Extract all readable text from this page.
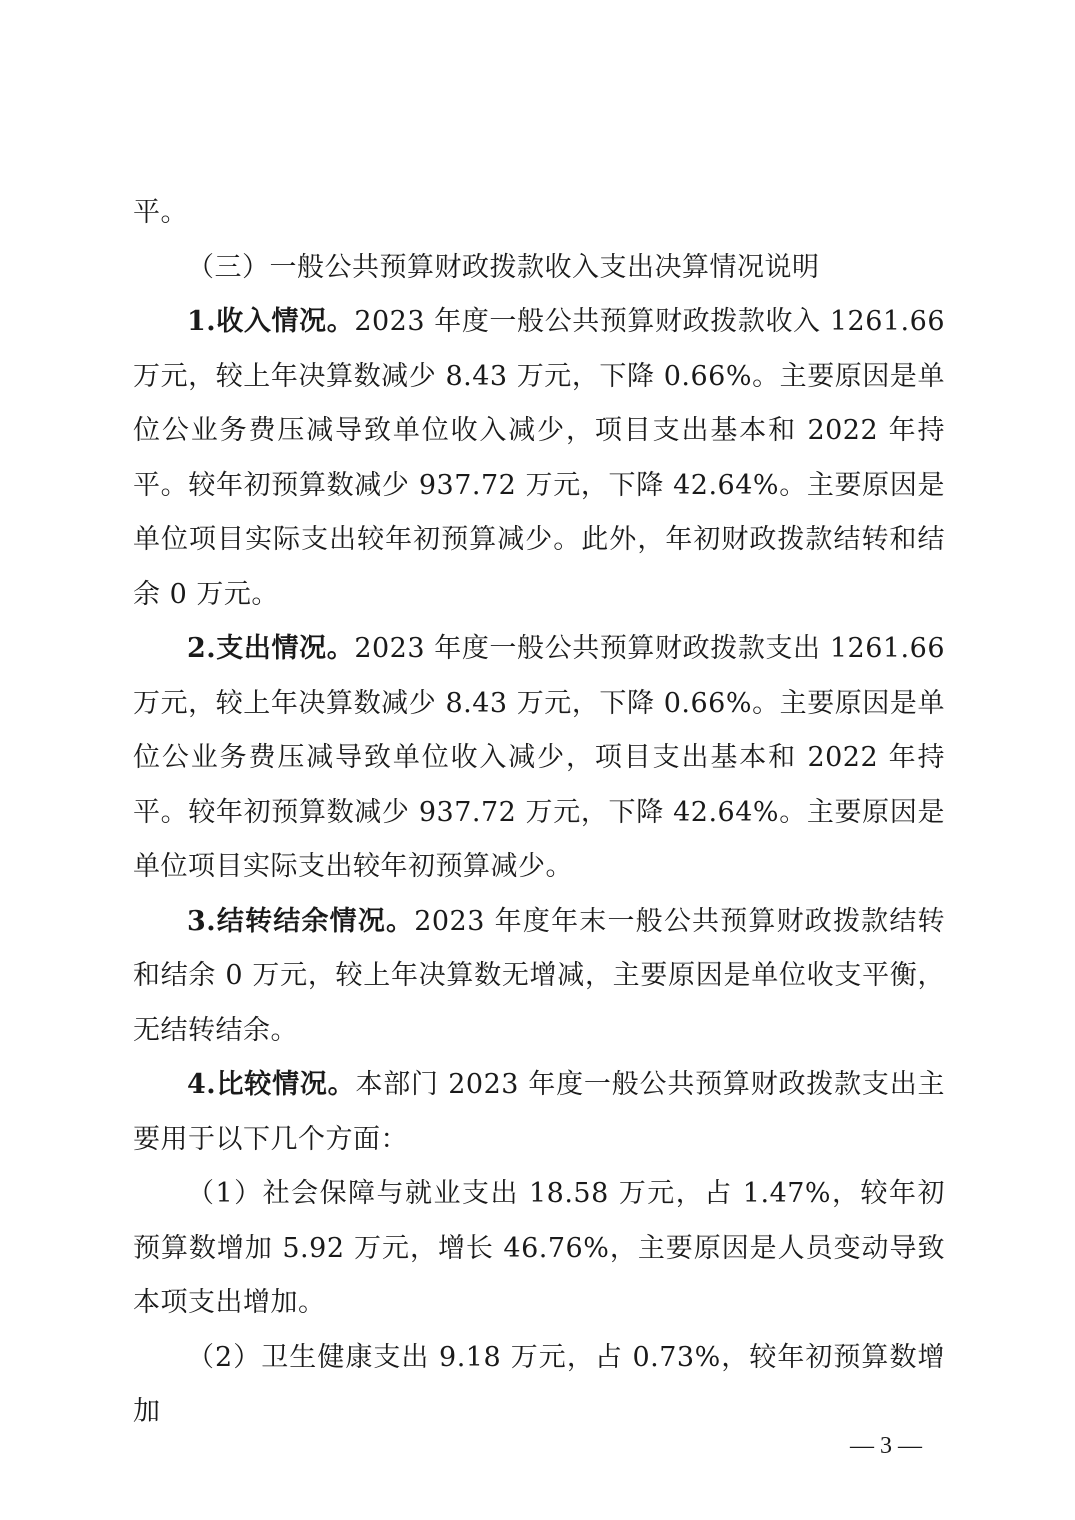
平。

（三）一般公共预算财政拨款收入支出决算情况说明

1.收入情况。2023 年度一般公共预算财政拨款收入 1261.66 万元，较上年决算数减少 8.43 万元，下降 0.66%。主要原因是单位公业务费压减导致单位收入减少，项目支出基本和 2022 年持平。较年初预算数减少 937.72 万元，下降 42.64%。主要原因是单位项目实际支出较年初预算减少。此外，年初财政拨款结转和结余 0 万元。

2.支出情况。2023 年度一般公共预算财政拨款支出 1261.66 万元，较上年决算数减少 8.43 万元，下降 0.66%。主要原因是单位公业务费压减导致单位收入减少，项目支出基本和 2022 年持平。较年初预算数减少 937.72 万元，下降 42.64%。主要原因是单位项目实际支出较年初预算减少。

3.结转结余情况。2023 年度年末一般公共预算财政拨款结转和结余 0 万元，较上年决算数无增减，主要原因是单位收支平衡，无结转结余。

4.比较情况。本部门 2023 年度一般公共预算财政拨款支出主要用于以下几个方面：

（1）社会保障与就业支出 18.58 万元，占 1.47%，较年初预算数增加 5.92 万元，增长 46.76%，主要原因是人员变动导致本项支出增加。

（2）卫生健康支出 9.18 万元，占 0.73%，较年初预算数增加

— 3 —
